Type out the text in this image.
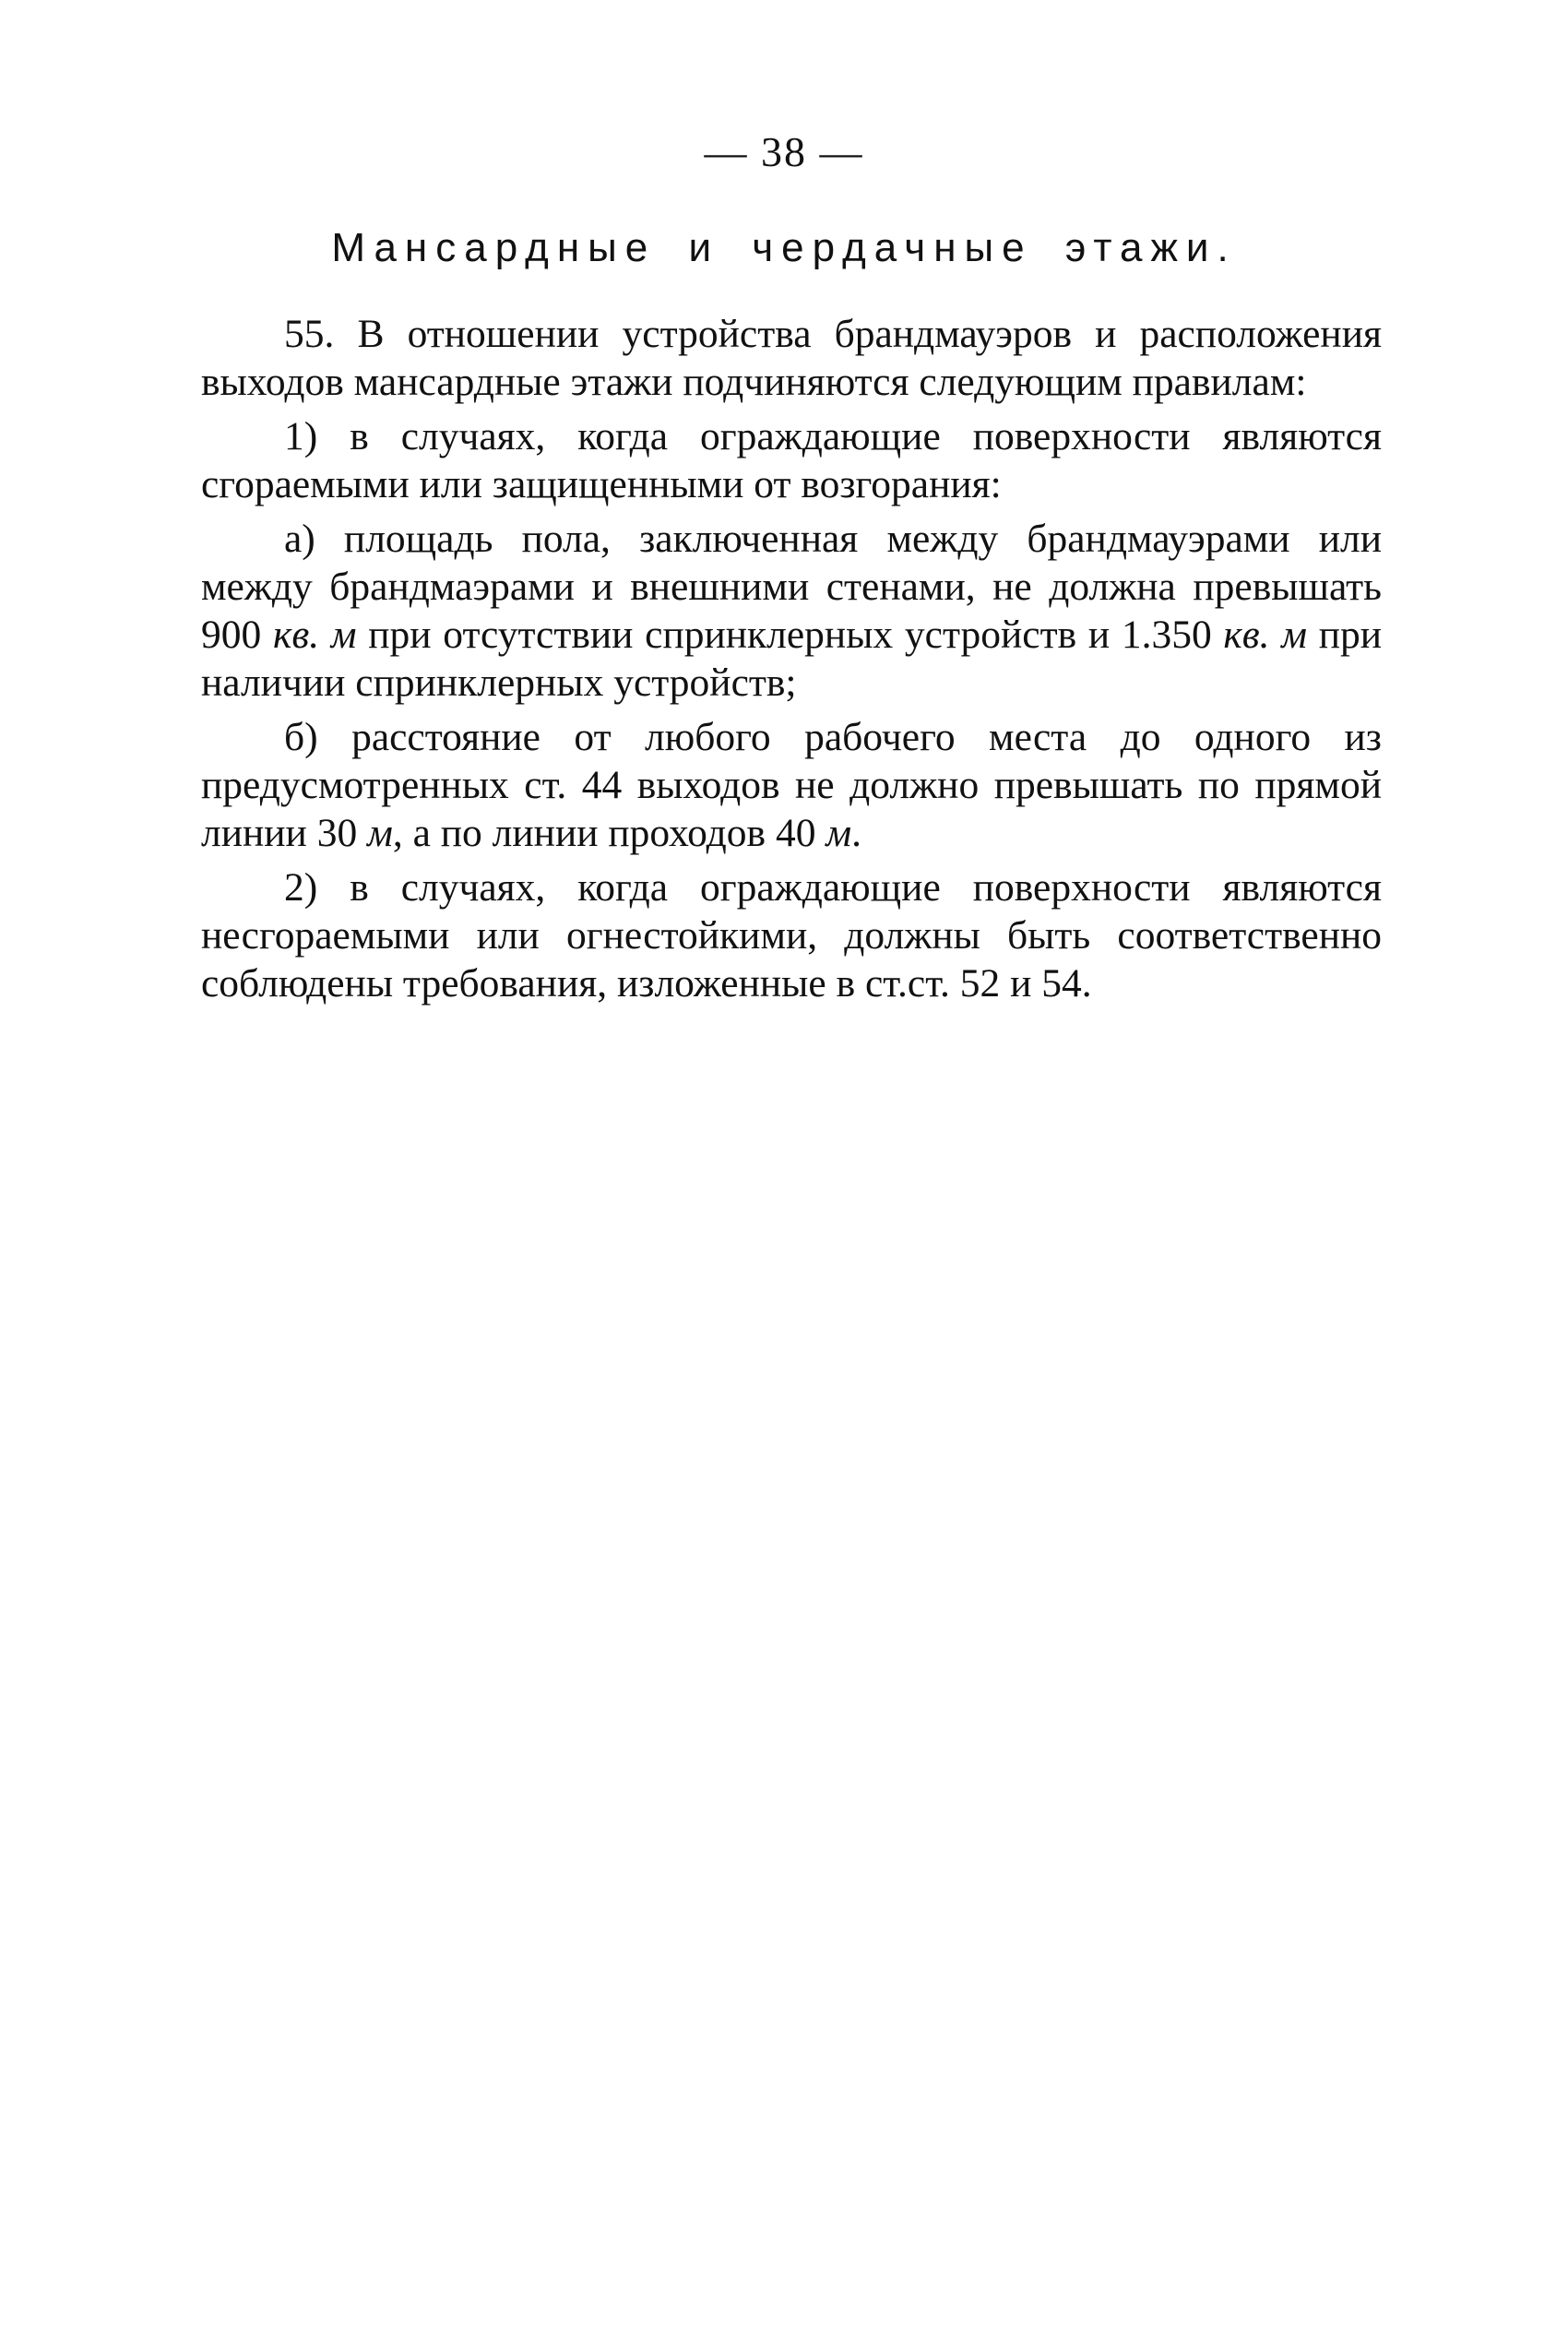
— 38 —
Мансардные и чердачные этажи.

55. В отношении устройства брандмауэров и расположения выходов мансардные этажи подчиняются следующим правилам:

1) в случаях, когда ограждающие поверхности являются сгораемыми или защищенными от возгорания:

а) площадь пола, заключенная между брандмауэрами или между брандмаэрами и внешними стенами, не должна превышать 900 кв. м при отсутствии спринклерных устройств и 1.350 кв. м при наличии спринклерных устройств;

б) расстояние от любого рабочего места до одного из предусмотренных ст. 44 выходов не должно превышать по прямой линии 30 м, а по линии проходов 40 м.

2) в случаях, когда ограждающие поверхности являются несгораемыми или огнестойкими, должны быть соответственно соблюдены требования, изложенные в ст.ст. 52 и 54.
